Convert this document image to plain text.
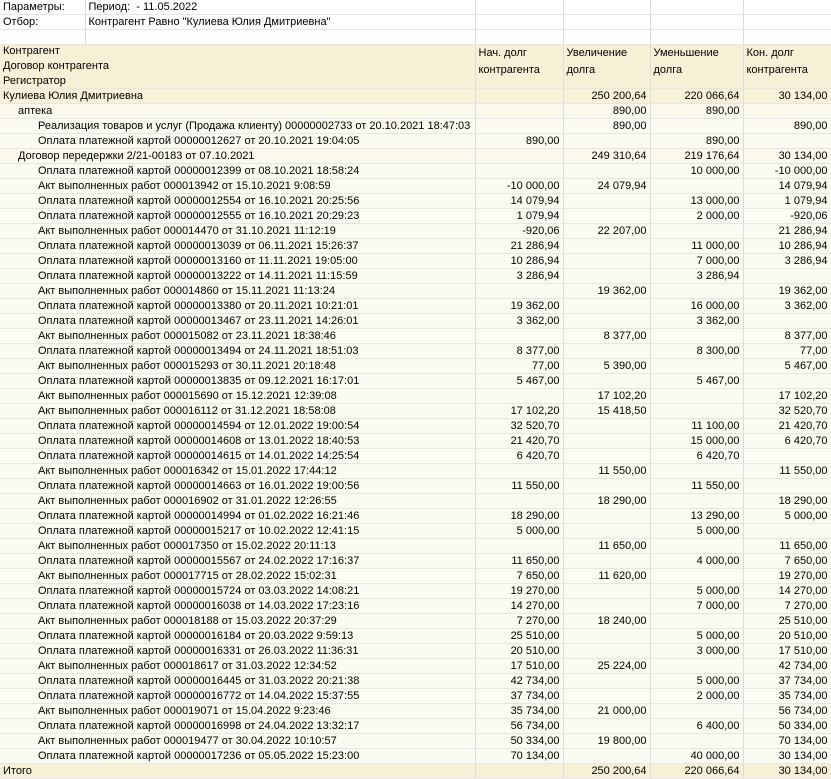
Параметры:	Период: - 11.05.2022				
Отбор:	Контрагент Равно "Кулиева Юлия Дмитриевна"				

Контрагент
Договор контрагента
Регистратор		Нач. долг контрагента	Увеличение долга	Уменьшение долга	Кон. долг контрагента
Кулиева Юлия Дмитриевна			250 200,64	220 066,64	30 134,00
аптека			890,00	890,00	
Реализация товаров и услуг (Продажа клиенту) 00000002733 от 20.10.2021 18:47:03			890,00		890,00
Оплата платежной картой 00000012627 от 20.10.2021 19:04:05		890,00		890,00	
Договор передержки 2/21-00183 от 07.10.2021			249 310,64	219 176,64	30 134,00
Оплата платежной картой 00000012399 от 08.10.2021 18:58:24				10 000,00	-10 000,00
Акт выполненных работ 000013942 от 15.10.2021 9:08:59		-10 000,00	24 079,94		14 079,94
Оплата платежной картой 00000012554 от 16.10.2021 20:25:56		14 079,94		13 000,00	1 079,94
Оплата платежной картой 00000012555 от 16.10.2021 20:29:23		1 079,94		2 000,00	-920,06
Акт выполненных работ 000014470 от 31.10.2021 11:12:19		-920,06	22 207,00		21 286,94
Оплата платежной картой 00000013039 от 06.11.2021 15:26:37		21 286,94		11 000,00	10 286,94
Оплата платежной картой 00000013160 от 11.11.2021 19:05:00		10 286,94		7 000,00	3 286,94
Оплата платежной картой 00000013222 от 14.11.2021 11:15:59		3 286,94		3 286,94	
Акт выполненных работ 000014860 от 15.11.2021 11:13:24			19 362,00		19 362,00
Оплата платежной картой 00000013380 от 20.11.2021 10:21:01		19 362,00		16 000,00	3 362,00
Оплата платежной картой 00000013467 от 23.11.2021 14:26:01		3 362,00		3 362,00	
Акт выполненных работ 000015082 от 23.11.2021 18:38:46			8 377,00		8 377,00
Оплата платежной картой 00000013494 от 24.11.2021 18:51:03		8 377,00		8 300,00	77,00
Акт выполненных работ 000015293 от 30.11.2021 20:18:48		77,00	5 390,00		5 467,00
Оплата платежной картой 00000013835 от 09.12.2021 16:17:01		5 467,00		5 467,00	
Акт выполненных работ 000015690 от 15.12.2021 12:39:08			17 102,20		17 102,20
Акт выполненных работ 000016112 от 31.12.2021 18:58:08		17 102,20	15 418,50		32 520,70
Оплата платежной картой 00000014594 от 12.01.2022 19:00:54		32 520,70		11 100,00	21 420,70
Оплата платежной картой 00000014608 от 13.01.2022 18:40:53		21 420,70		15 000,00	6 420,70
Оплата платежной картой 00000014615 от 14.01.2022 14:25:54		6 420,70		6 420,70	
Акт выполненных работ 000016342 от 15.01.2022 17:44:12			11 550,00		11 550,00
Оплата платежной картой 00000014663 от 16.01.2022 19:00:56		11 550,00		11 550,00	
Акт выполненных работ 000016902 от 31.01.2022 12:26:55			18 290,00		18 290,00
Оплата платежной картой 00000014994 от 01.02.2022 16:21:46		18 290,00		13 290,00	5 000,00
Оплата платежной картой 00000015217 от 10.02.2022 12:41:15		5 000,00		5 000,00	
Акт выполненных работ 000017350 от 15.02.2022 20:11:13			11 650,00		11 650,00
Оплата платежной картой 00000015567 от 24.02.2022 17:16:37		11 650,00		4 000,00	7 650,00
Акт выполненных работ 000017715 от 28.02.2022 15:02:31		7 650,00	11 620,00		19 270,00
Оплата платежной картой 00000015724 от 03.03.2022 14:08:21		19 270,00		5 000,00	14 270,00
Оплата платежной картой 00000016038 от 14.03.2022 17:23:16		14 270,00		7 000,00	7 270,00
Акт выполненных работ 000018188 от 15.03.2022 20:37:29		7 270,00	18 240,00		25 510,00
Оплата платежной картой 00000016184 от 20.03.2022 9:59:13		25 510,00		5 000,00	20 510,00
Оплата платежной картой 00000016331 от 26.03.2022 11:36:31		20 510,00		3 000,00	17 510,00
Акт выполненных работ 000018617 от 31.03.2022 12:34:52		17 510,00	25 224,00		42 734,00
Оплата платежной картой 00000016445 от 31.03.2022 20:21:38		42 734,00		5 000,00	37 734,00
Оплата платежной картой 00000016772 от 14.04.2022 15:37:55		37 734,00		2 000,00	35 734,00
Акт выполненных работ 000019071 от 15.04.2022 9:23:46		35 734,00	21 000,00		56 734,00
Оплата платежной картой 00000016998 от 24.04.2022 13:32:17		56 734,00		6 400,00	50 334,00
Акт выполненных работ 000019477 от 30.04.2022 10:10:57		50 334,00	19 800,00		70 134,00
Оплата платежной картой 00000017236 от 05.05.2022 15:23:00		70 134,00		40 000,00	30 134,00
Итого			250 200,64	220 066,64	30 134,00
